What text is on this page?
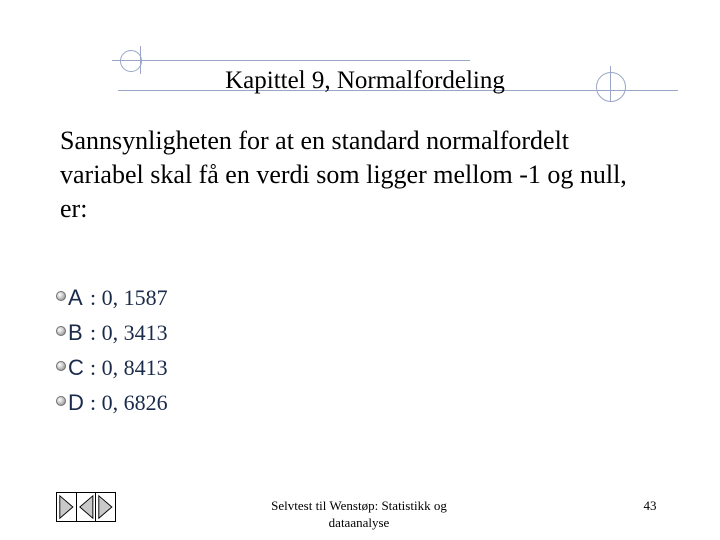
Kapittel 9, Normalfordeling
Sannsynligheten for at en standard normalfordelt variabel skal få en verdi som ligger mellom -1 og null, er:
A : 0, 1587
B : 0, 3413
C : 0, 8413
D : 0, 6826
Selvtest til Wenstøp: Statistikk og dataanalyse
43
